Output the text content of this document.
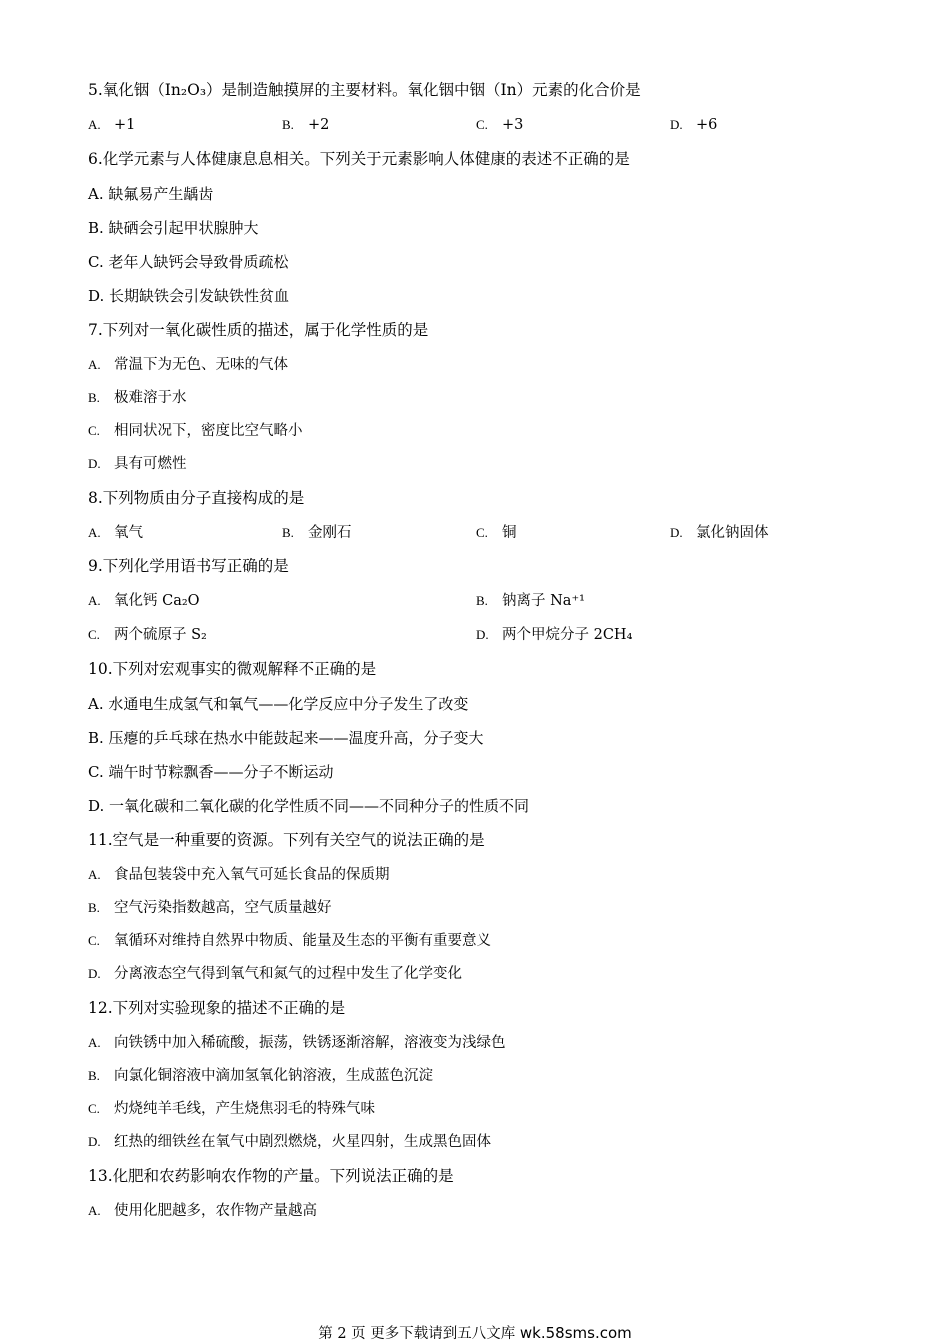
5.氧化铟（In₂O₃）是制造触摸屏的主要材料。氧化铟中铟（In）元素的化合价是
A. +1	B. +2	C. +3	D. +6
6.化学元素与人体健康息息相关。下列关于元素影响人体健康的表述不正确的是
A. 缺氟易产生龋齿
B. 缺硒会引起甲状腺肿大
C. 老年人缺钙会导致骨质疏松
D. 长期缺铁会引发缺铁性贫血
7.下列对一氧化碳性质的描述，属于化学性质的是
A. 常温下为无色、无味的气体
B. 极难溶于水
C. 相同状况下，密度比空气略小
D. 具有可燃性
8.下列物质由分子直接构成的是
A. 氧气	B. 金刚石	C. 铜	D. 氯化钠固体
9.下列化学用语书写正确的是
A. 氧化钙 Ca₂O	B. 钠离子 Na⁺¹
C. 两个硫原子 S₂	D. 两个甲烷分子 2CH₄
10.下列对宏观事实的微观解释不正确的是
A. 水通电生成氢气和氧气——化学反应中分子发生了改变
B. 压瘪的乒乓球在热水中能鼓起来——温度升高，分子变大
C. 端午时节粽飘香——分子不断运动
D. 一氧化碳和二氧化碳的化学性质不同——不同种分子的性质不同
11.空气是一种重要的资源。下列有关空气的说法正确的是
A. 食品包装袋中充入氧气可延长食品的保质期
B. 空气污染指数越高，空气质量越好
C. 氧循环对维持自然界中物质、能量及生态的平衡有重要意义
D. 分离液态空气得到氧气和氮气的过程中发生了化学变化
12.下列对实验现象的描述不正确的是
A. 向铁锈中加入稀硫酸，振荡，铁锈逐渐溶解，溶液变为浅绿色
B. 向氯化铜溶液中滴加氢氧化钠溶液，生成蓝色沉淀
C. 灼烧纯羊毛线，产生烧焦羽毛的特殊气味
D. 红热的细铁丝在氧气中剧烈燃烧，火星四射，生成黑色固体
13.化肥和农药影响农作物的产量。下列说法正确的是
A. 使用化肥越多，农作物产量越高
第 2 页 更多下载请到五八文库 wk.58sms.com
